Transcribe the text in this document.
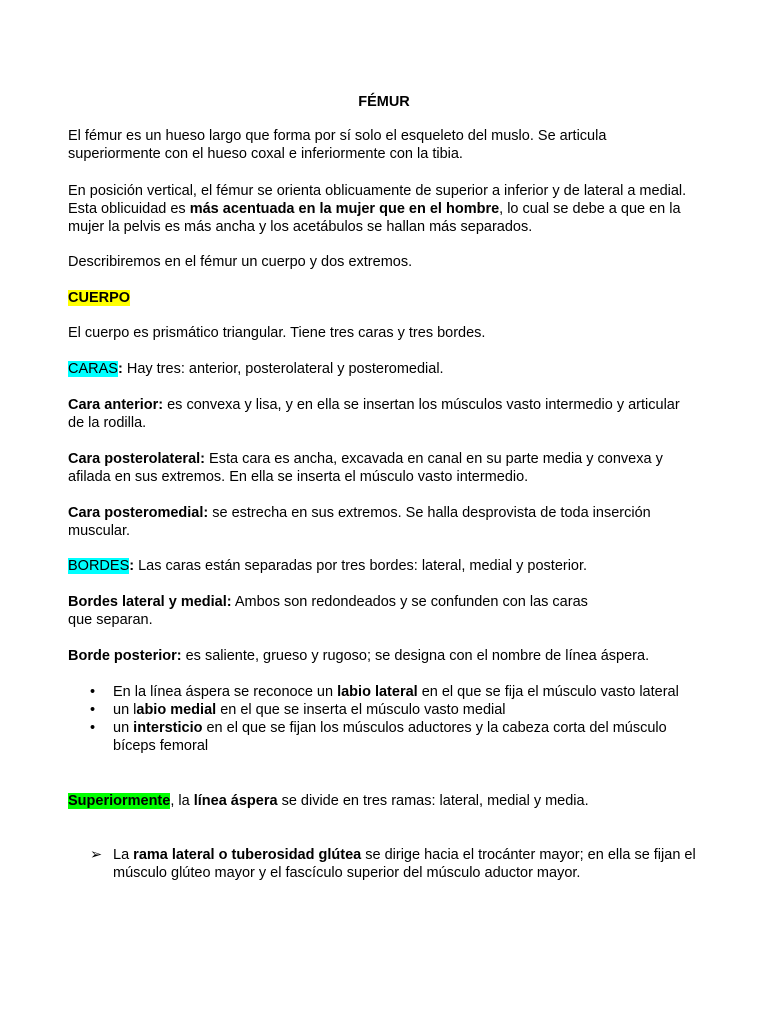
FÉMUR

El fémur es un hueso largo que forma por sí solo el esqueleto del muslo. Se articula superiormente con el hueso coxal e inferiormente con la tibia.

En posición vertical, el fémur se orienta oblicuamente de superior a inferior y de lateral a medial. Esta oblicuidad es más acentuada en la mujer que en el hombre, lo cual se debe a que en la mujer la pelvis es más ancha y los acetábulos se hallan más separados.

Describiremos en el fémur un cuerpo y dos extremos.

CUERPO

El cuerpo es prismático triangular. Tiene tres caras y tres bordes.

CARAS: Hay tres: anterior, posterolateral y posteromedial.

Cara anterior: es convexa y lisa, y en ella se insertan los músculos vasto intermedio y articular de la rodilla.

Cara posterolateral: Esta cara es ancha, excavada en canal en su parte media y convexa y afilada en sus extremos. En ella se inserta el músculo vasto intermedio.

Cara posteromedial: se estrecha en sus extremos. Se halla desprovista de toda inserción muscular.

BORDES: Las caras están separadas por tres bordes: lateral, medial y posterior.

Bordes lateral y medial: Ambos son redondeados y se confunden con las caras
que separan.

Borde posterior: es saliente, grueso y rugoso; se designa con el nombre de línea áspera.

• En la línea áspera se reconoce un labio lateral en el que se fija el músculo vasto lateral
• un labio medial en el que se inserta el músculo vasto medial
• un intersticio en el que se fijan los músculos aductores y la cabeza corta del músculo bíceps femoral

Superiormente, la línea áspera se divide en tres ramas: lateral, medial y media.

➢ La rama lateral o tuberosidad glútea se dirige hacia el trocánter mayor; en ella se fijan el músculo glúteo mayor y el fascículo superior del músculo aductor mayor.
